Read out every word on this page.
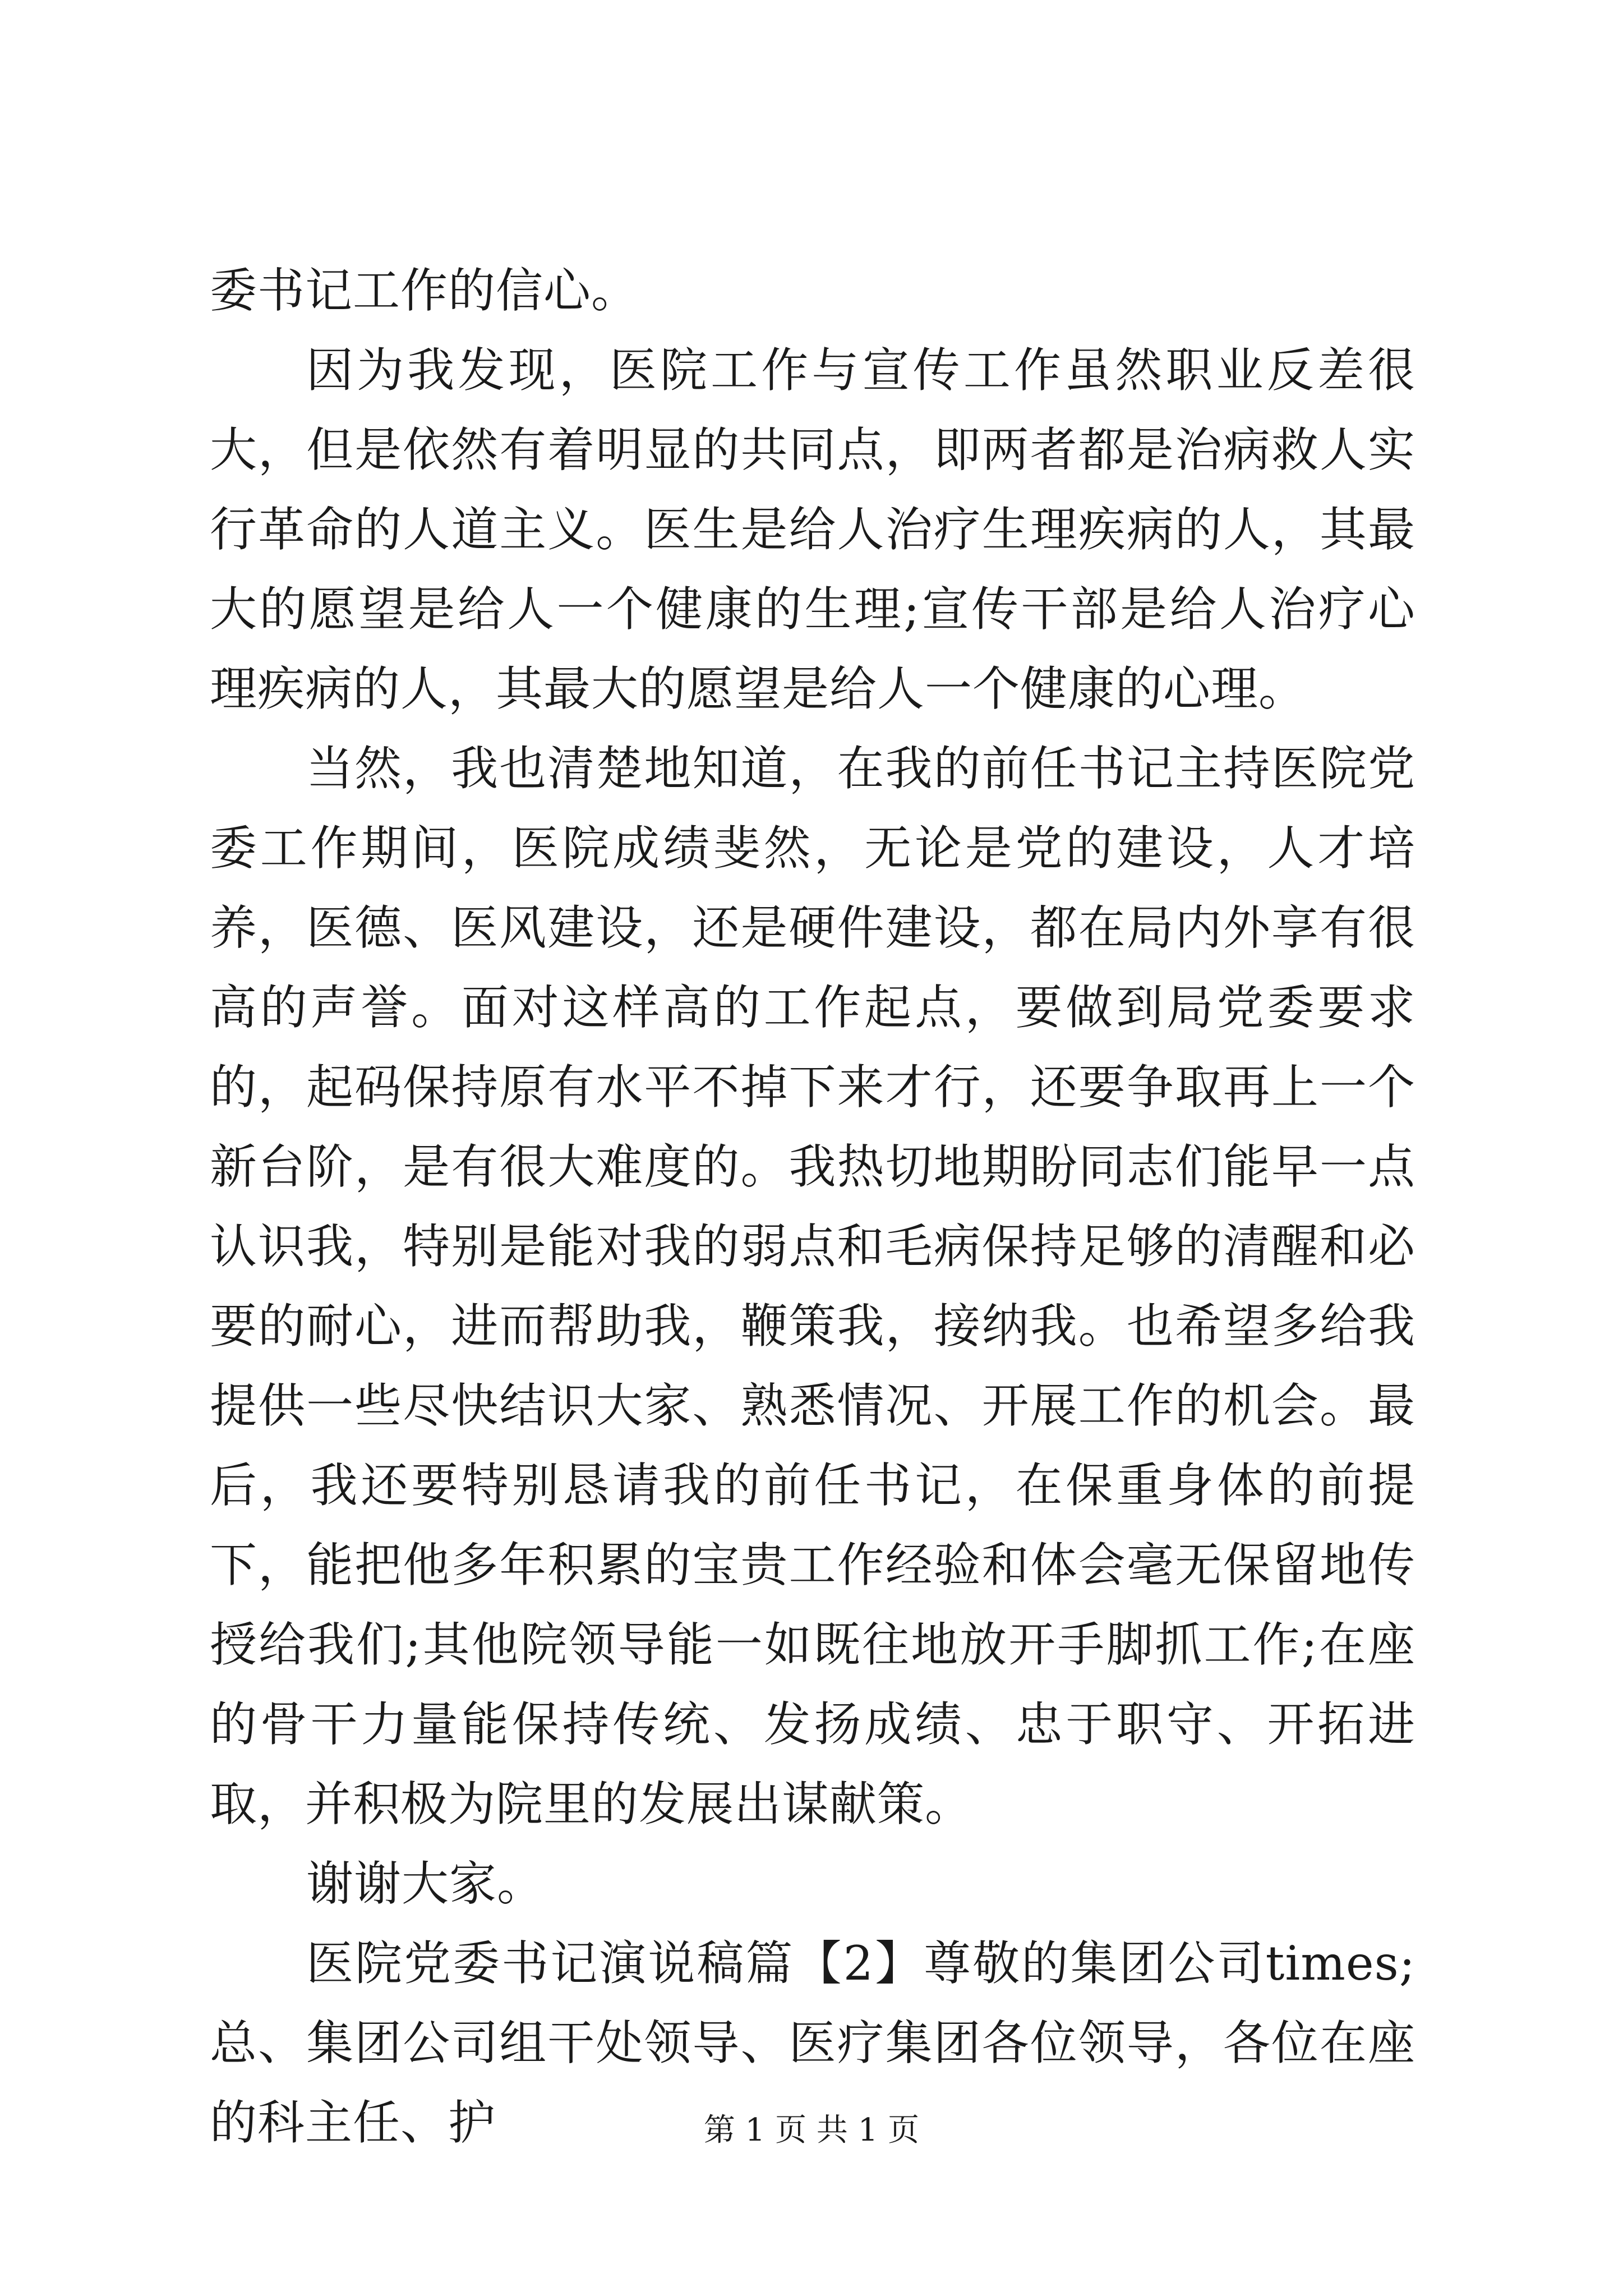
委书记工作的信心。

因为我发现，医院工作与宣传工作虽然职业反差很大，但是依然有着明显的共同点，即两者都是治病救人实行革命的人道主义。医生是给人治疗生理疾病的人，其最大的愿望是给人一个健康的生理;宣传干部是给人治疗心理疾病的人，其最大的愿望是给人一个健康的心理。

当然，我也清楚地知道，在我的前任书记主持医院党委工作期间，医院成绩斐然，无论是党的建设，人才培养，医德、医风建设，还是硬件建设，都在局内外享有很高的声誉。面对这样高的工作起点，要做到局党委要求的，起码保持原有水平不掉下来才行，还要争取再上一个新台阶，是有很大难度的。我热切地期盼同志们能早一点认识我，特别是能对我的弱点和毛病保持足够的清醒和必要的耐心，进而帮助我，鞭策我，接纳我。也希望多给我提供一些尽快结识大家、熟悉情况、开展工作的机会。最后，我还要特别恳请我的前任书记，在保重身体的前提下，能把他多年积累的宝贵工作经验和体会毫无保留地传授给我们;其他院领导能一如既往地放开手脚抓工作;在座的骨干力量能保持传统、发扬成绩、忠于职守、开拓进取，并积极为院里的发展出谋献策。

谢谢大家。

医院党委书记演说稿篇【2】尊敬的集团公司times;总、集团公司组干处领导、医疗集团各位领导，各位在座的科主任、护	第 1 页 共 1 页
